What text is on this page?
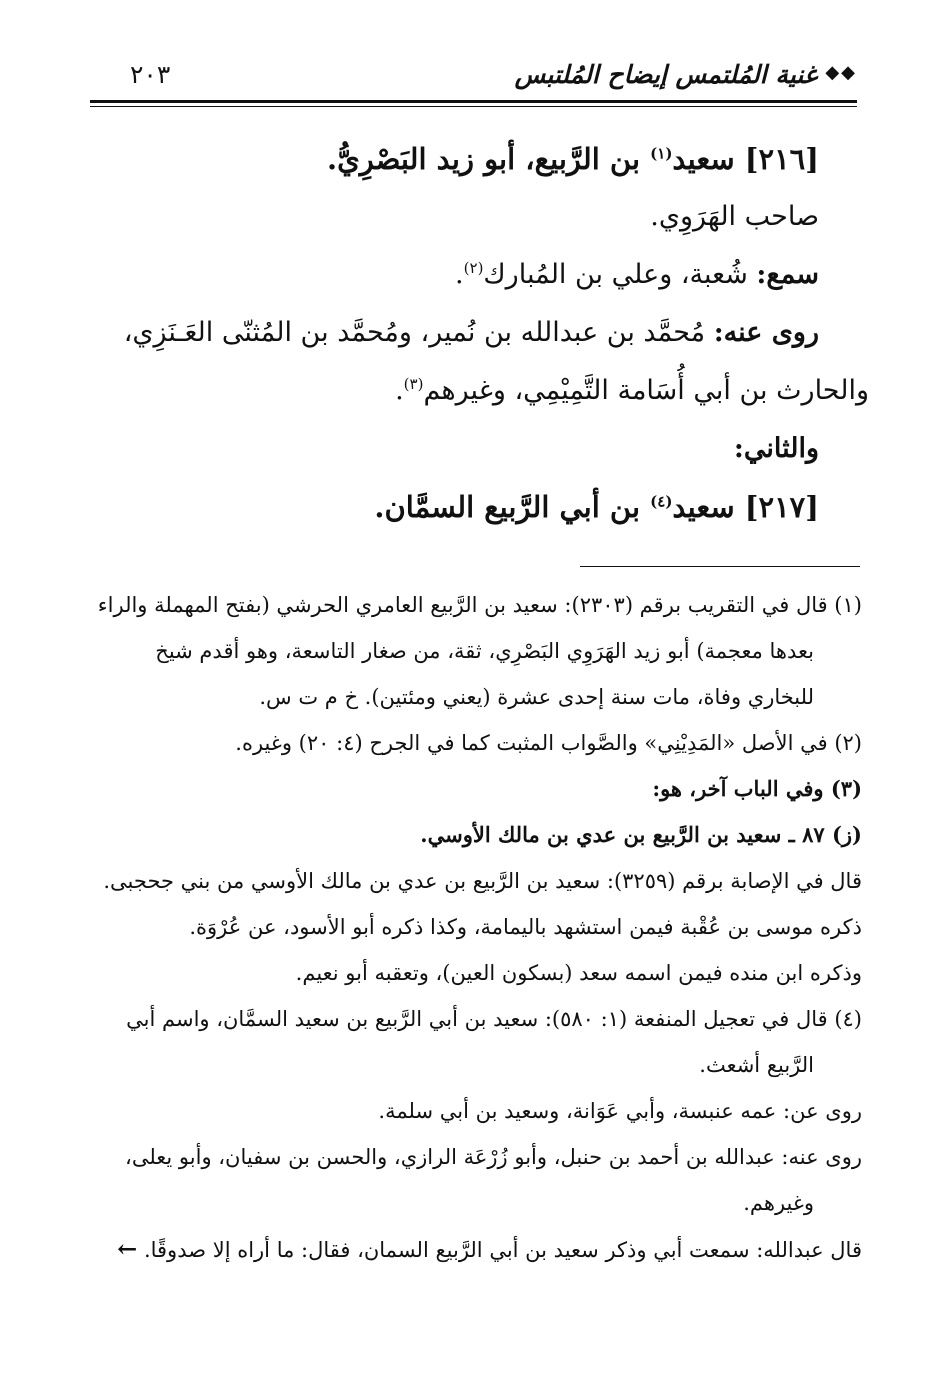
◆◆
غنية المُلتمس إيضاح المُلتبس
٢٠٣
[٢١٦] سعيد$^{(١)}$ بن الرَّبيع، أبو زيد البَصْرِيُّ.
صاحب الهَرَوِي.
سمع: شُعبة، وعلي بن المُبارك$^{(٢)}$.
روى عنه: مُحمَّد بن عبدالله بن نُمير، ومُحمَّد بن المُثنّى العَـنَزِي،
والحارث بن أبي أُسَامة التَّمِيْمِي، وغيرهم$^{(٣)}$.
والثاني:
[٢١٧] سعيد$^{(٤)}$ بن أبي الرَّبيع السمَّان.
(١) قال في التقريب برقم (٢٣٠٣): سعيد بن الرَّبيع العامري الحرشي (بفتح المهملة والراء
بعدها معجمة) أبو زيد الهَرَوِي البَصْرِي، ثقة، من صغار التاسعة، وهو أقدم شيخ
للبخاري وفاة، مات سنة إحدى عشرة (يعني ومئتين). خ م ت س.
(٢) في الأصل «المَدِيْنِي» والصَّواب المثبت كما في الجرح (٤: ٢٠) وغيره.
(٣) وفي الباب آخر، هو:
(ز) ٨٧ ـ سعيد بن الرَّبيع بن عدي بن مالك الأوسي.
قال في الإصابة برقم (٣٢٥٩): سعيد بن الرَّبيع بن عدي بن مالك الأوسي من بني جحجبى.
ذكره موسى بن عُقْبة فيمن استشهد باليمامة، وكذا ذكره أبو الأسود، عن عُرْوَة.
وذكره ابن منده فيمن اسمه سعد (بسكون العين)، وتعقبه أبو نعيم.
(٤) قال في تعجيل المنفعة (١: ٥٨٠): سعيد بن أبي الرَّبيع بن سعيد السمَّان، واسم أبي
الرَّبيع أشعث.
روى عن: عمه عنبسة، وأبي عَوَانة، وسعيد بن أبي سلمة.
روى عنه: عبدالله بن أحمد بن حنبل، وأبو زُرْعَة الرازي، والحسن بن سفيان، وأبو يعلى،
وغيرهم.
قال عبدالله: سمعت أبي وذكر سعيد بن أبي الرَّبيع السمان، فقال: ما أراه إلا صدوقًا. ←
